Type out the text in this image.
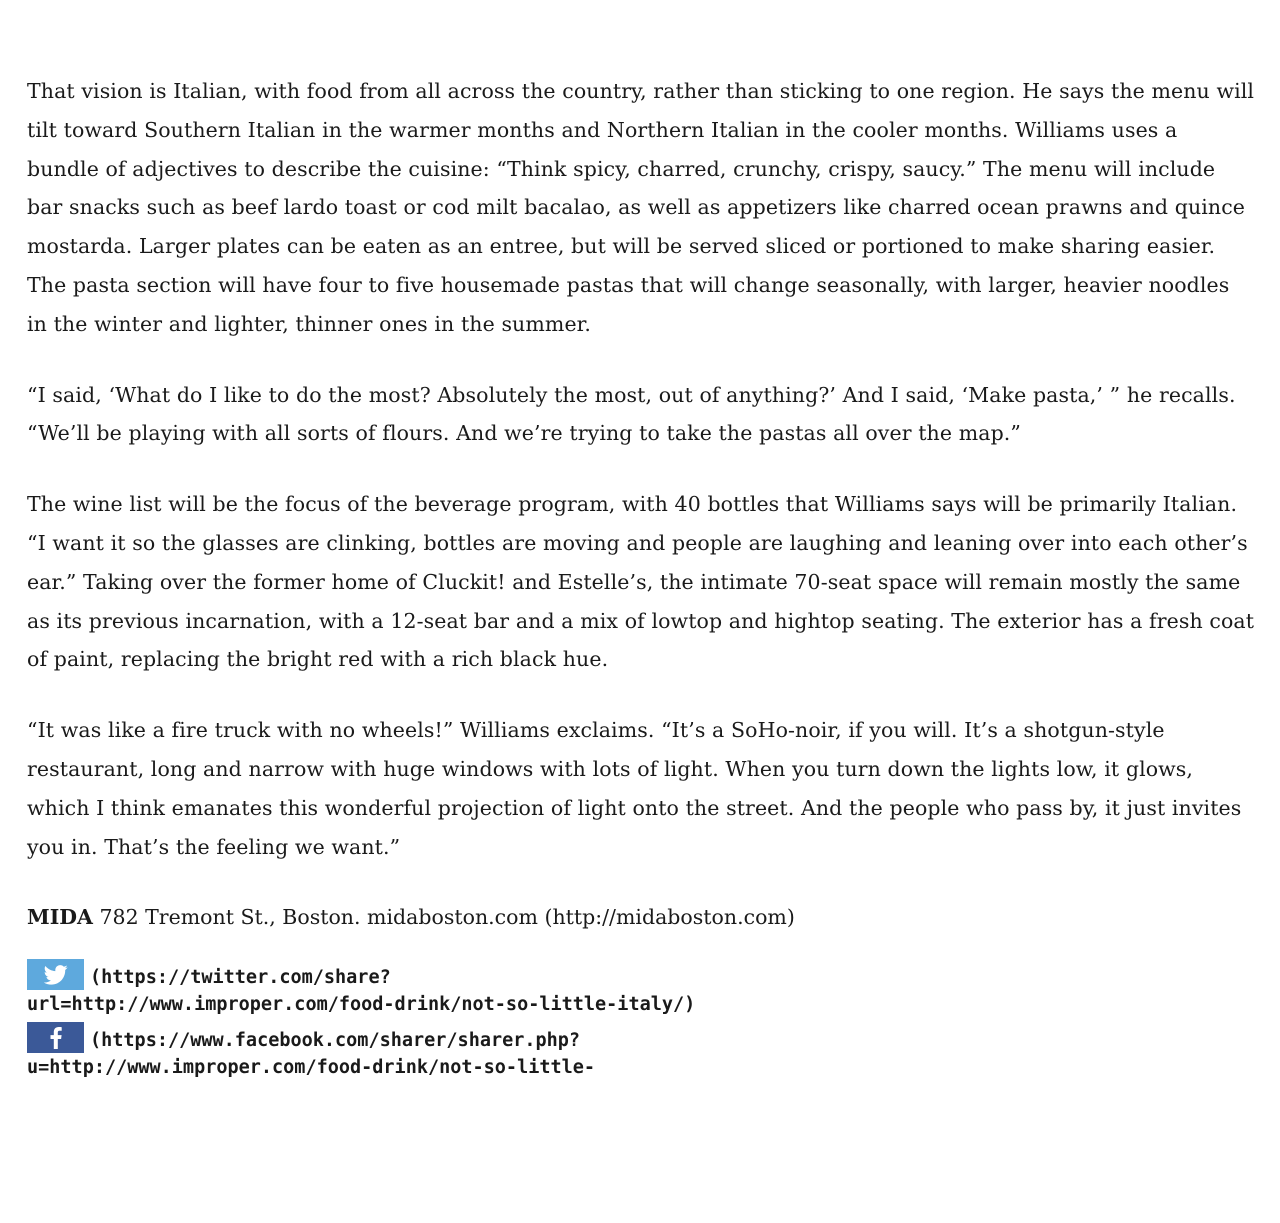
That vision is Italian, with food from all across the country, rather than sticking to one region. He says the menu will tilt toward Southern Italian in the warmer months and Northern Italian in the cooler months. Williams uses a bundle of adjectives to describe the cuisine: “Think spicy, charred, crunchy, crispy, saucy.” The menu will include bar snacks such as beef lardo toast or cod milt bacalao, as well as appetizers like charred ocean prawns and quince mostarda. Larger plates can be eaten as an entree, but will be served sliced or portioned to make sharing easier. The pasta section will have four to five housemade pastas that will change seasonally, with larger, heavier noodles in the winter and lighter, thinner ones in the summer.

“I said, ‘What do I like to do the most? Absolutely the most, out of anything?’ And I said, ‘Make pasta,’ ” he recalls. “We’ll be playing with all sorts of flours. And we’re trying to take the pastas all over the map.”

The wine list will be the focus of the beverage program, with 40 bottles that Williams says will be primarily Italian. “I want it so the glasses are clinking, bottles are moving and people are laughing and leaning over into each other’s ear.” Taking over the former home of Cluckit! and Estelle’s, the intimate 70-seat space will remain mostly the same as its previous incarnation, with a 12-seat bar and a mix of lowtop and hightop seating. The exterior has a fresh coat of paint, replacing the bright red with a rich black hue.

“It was like a fire truck with no wheels!” Williams exclaims. “It’s a SoHo-noir, if you will. It’s a shotgun-style restaurant, long and narrow with huge windows with lots of light. When you turn down the lights low, it glows, which I think emanates this wonderful projection of light onto the street. And the people who pass by, it just invites you in. That’s the feeling we want.”

MIDA 782 Tremont St., Boston. midaboston.com (http://midaboston.com)

(https://twitter.com/share?url=http://www.improper.com/food-drink/not-so-little-italy/)
(https://www.facebook.com/sharer/sharer.php?u=http://www.improper.com/food-drink/not-so-little-
